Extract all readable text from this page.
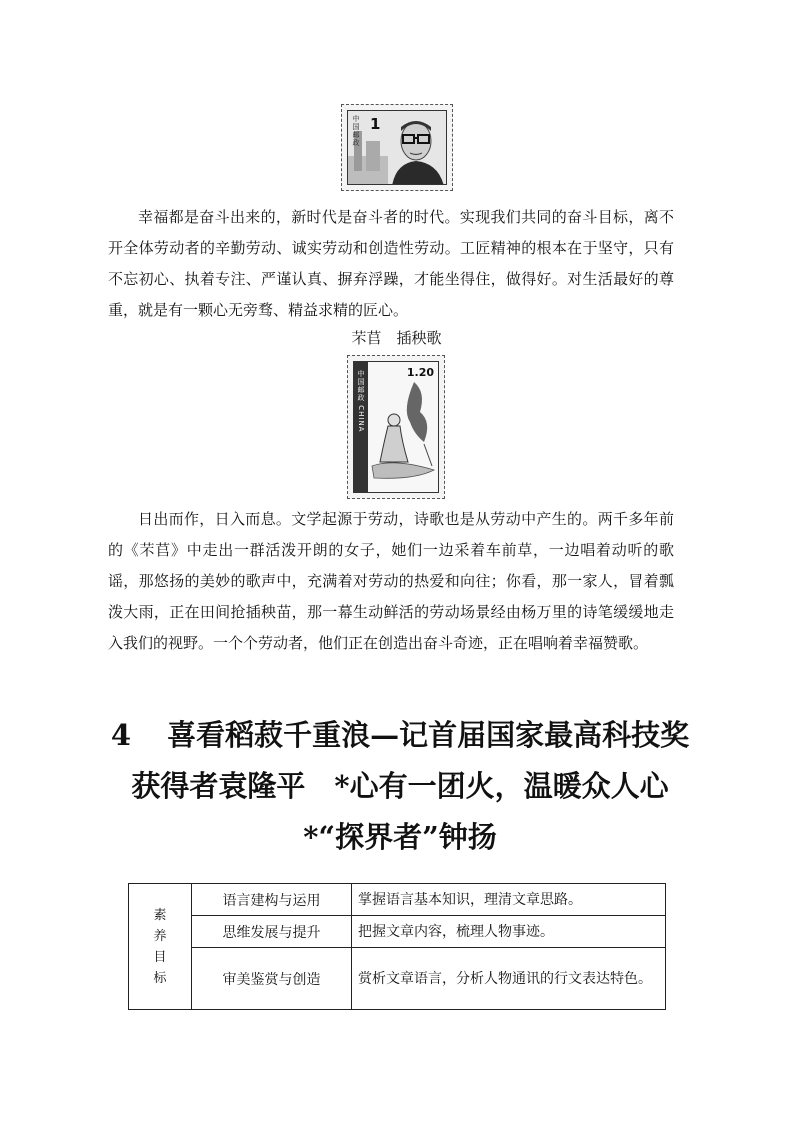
1
中国邮政

幸福都是奋斗出来的，新时代是奋斗者的时代。实现我们共同的奋斗目标，离不开全体劳动者的辛勤劳动、诚实劳动和创造性劳动。工匠精神的根本在于坚守，只有不忘初心、执着专注、严谨认真、摒弃浮躁，才能坐得住，做得好。对生活最好的尊重，就是有一颗心无旁骛、精益求精的匠心。

芣苢　插秧歌

1.20
中国邮政 CHINA

日出而作，日入而息。文学起源于劳动，诗歌也是从劳动中产生的。两千多年前的《芣苢》中走出一群活泼开朗的女子，她们一边采着车前草，一边唱着动听的歌谣，那悠扬的美妙的歌声中，充满着对劳动的热爱和向往；你看，那一家人，冒着瓢泼大雨，正在田间抢插秧苗，那一幕生动鲜活的劳动场景经由杨万里的诗笔缓缓地走入我们的视野。一个个劳动者，他们正在创造出奋斗奇迹，正在唱响着幸福赞歌。

4 喜看稻菽千重浪—记首届国家最高科技奖获得者袁隆平　*心有一团火，温暖众人心　*“探界者”钟扬
素养目标	语言建构与运用	掌握语言基本知识，理清文章思路。
	思维发展与提升	把握文章内容，梳理人物事迹。
	审美鉴赏与创造	赏析文章语言，分析人物通讯的行文表达特色。
